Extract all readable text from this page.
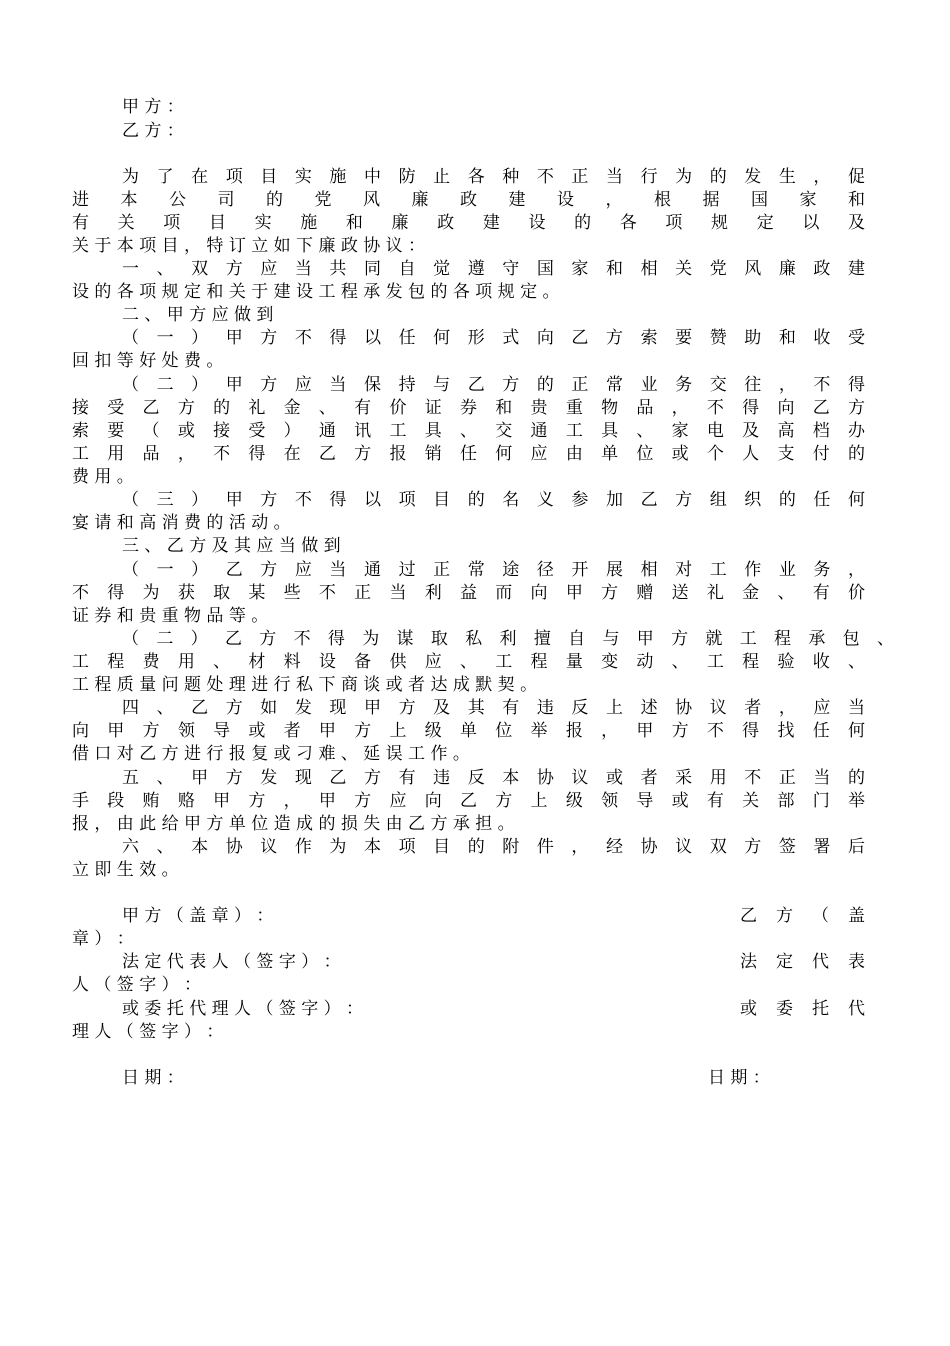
甲 方 ：
乙 方 ：
为 了 在 项 目 实 施 中 防 止 各 种 不 正 当 行 为 的 发 生 ， 促
进 本 公 司 的 党 风 廉 政 建 设 ， 根 据 国 家 和
有 关 项 目 实 施 和 廉 政 建 设 的 各 项 规 定 以 及
关 于 本 项 目 ， 特 订 立 如 下 廉 政 协 议 ：
一 、 双 方 应 当 共 同 自 觉 遵 守 国 家 和 相 关 党 风 廉 政 建
设 的 各 项 规 定 和 关 于 建 设 工 程 承 发 包 的 各 项 规 定 。
二 、 甲 方 应 做 到
（ 一 ） 甲 方 不 得 以 任 何 形 式 向 乙 方 索 要 赞 助 和 收 受
回 扣 等 好 处 费 。
（ 二 ） 甲 方 应 当 保 持 与 乙 方 的 正 常 业 务 交 往 ， 不 得
接 受 乙 方 的 礼 金 、 有 价 证 券 和 贵 重 物 品 ， 不 得 向 乙 方
索 要 （ 或 接 受 ） 通 讯 工 具 、 交 通 工 具 、 家 电 及 高 档 办
工 用 品 ， 不 得 在 乙 方 报 销 任 何 应 由 单 位 或 个 人 支 付 的
费 用 。
（ 三 ） 甲 方 不 得 以 项 目 的 名 义 参 加 乙 方 组 织 的 任 何
宴 请 和 高 消 费 的 活 动 。
三 、 乙 方 及 其 应 当 做 到
（ 一 ） 乙 方 应 当 通 过 正 常 途 径 开 展 相 对 工 作 业 务 ，
不 得 为 获 取 某 些 不 正 当 利 益 而 向 甲 方 赠 送 礼 金 、 有 价
证 券 和 贵 重 物 品 等 。
（ 二 ） 乙 方 不 得 为 谋 取 私 利 擅 自 与 甲 方 就 工 程 承 包 、
工 程 费 用 、 材 料 设 备 供 应 、 工 程 量 变 动 、 工 程 验 收 、
工 程 质 量 问 题 处 理 进 行 私 下 商 谈 或 者 达 成 默 契 。
四 、 乙 方 如 发 现 甲 方 及 其 有 违 反 上 述 协 议 者 ， 应 当
向 甲 方 领 导 或 者 甲 方 上 级 单 位 举 报 ， 甲 方 不 得 找 任 何
借 口 对 乙 方 进 行 报 复 或 刁 难 、 延 误 工 作 。
五 、 甲 方 发 现 乙 方 有 违 反 本 协 议 或 者 采 用 不 正 当 的
手 段 贿 赂 甲 方 ， 甲 方 应 向 乙 方 上 级 领 导 或 有 关 部 门 举
报 ， 由 此 给 甲 方 单 位 造 成 的 损 失 由 乙 方 承 担 。
六 、 本 协 议 作 为 本 项 目 的 附 件 ， 经 协 议 双 方 签 署 后
立 即 生 效 。
甲 方 （ 盖 章 ） ：	乙 方 （ 盖
章 ） ：
法 定 代 表 人 （ 签 字 ） ：	法 定 代 表
人 （ 签 字 ） ：
或 委 托 代 理 人 （ 签 字 ） ：	或 委 托 代
理 人 （ 签 字 ） ：
日 期 ：	日 期 ：
